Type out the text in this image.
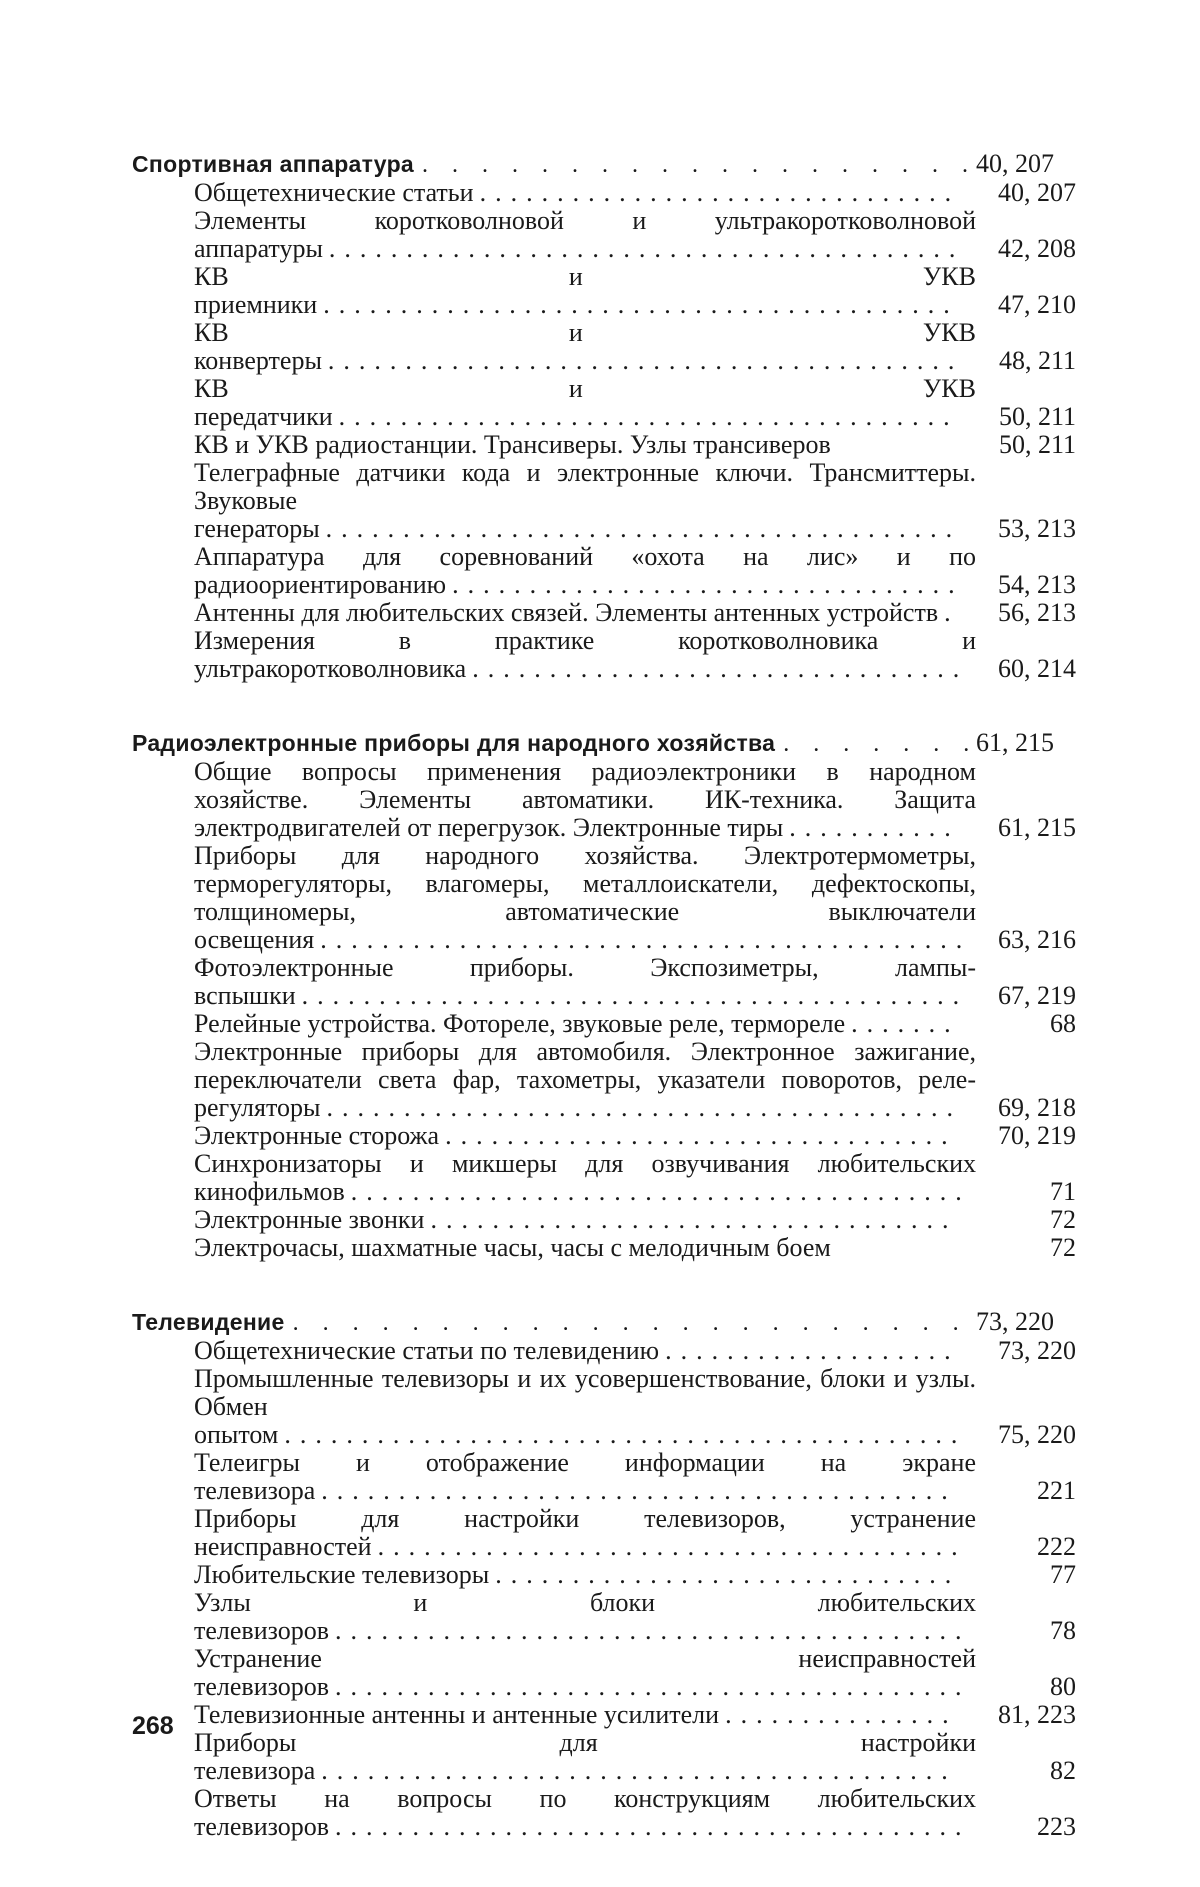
Спортивная аппаратура
. . .	40, 207
Общетехнические статьи ...............................	40, 207
Элементы коротковолновой и ультракоротковолновой аппаратуры .........................................	42, 208
КВ и УКВ приемники .........................................	47, 210
КВ и УКВ конвертеры .........................................	48, 211
КВ и УКВ передатчики ........................................	50, 211
КВ и УКВ радиостанции. Трансиверы. Узлы трансиверов	50, 211
Телеграфные датчики кода и электронные ключи. Трансмиттеры. Звуковые генераторы .........................................	53, 213
Аппаратура для соревнований «охота на лис» и по радиоориентированию .................................	54, 213
Антенны для любительских связей. Элементы антенных устройств .	56, 213
Измерения в практике коротковолновика и ультракоротковолновика ................................	60, 214
Радиоэлектронные приборы для народного хозяйства
. . .	61, 215
Общие вопросы применения радиоэлектроники в народном хозяйстве. Элементы автоматики. ИК-техника. Защита электродвигателей от перегрузок. Электронные тиры ...........	61, 215
Приборы для народного хозяйства. Электротермометры, терморегуляторы, влагомеры, металлоискатели, дефектоскопы, толщиномеры, автоматические выключатели освещения ..........................................	63, 216
Фотоэлектронные приборы. Экспозиметры, лампы-вспышки ...........................................	67, 219
Релейные устройства. Фотореле, звуковые реле, термореле .......	68
Электронные приборы для автомобиля. Электронное зажигание, переключатели света фар, тахометры, указатели поворотов, реле-регуляторы .........................................	69, 218
Электронные сторожа .................................	70, 219
Синхронизаторы и микшеры для озвучивания любительских кинофильмов ........................................	71
Электронные звонки ..................................	72
Электрочасы, шахматные часы, часы с мелодичным боем	72
Телевидение
. . .	73, 220
Общетехнические статьи по телевидению ...................	73, 220
Промышленные телевизоры и их усовершенствование, блоки и узлы. Обмен опытом ............................................	75, 220
Телеигры и отображение информации на экране телевизора .........................................	221
Приборы для настройки телевизоров, устранение неисправностей ......................................	222
Любительские телевизоры ..............................	77
Узлы и блоки любительских телевизоров .........................................	78
Устранение неисправностей телевизоров .........................................	80
Телевизионные антенны и антенные усилители ...............	81, 223
Приборы для настройки телевизора .........................................	82
Ответы на вопросы по конструкциям любительских телевизоров .........................................	223
268
